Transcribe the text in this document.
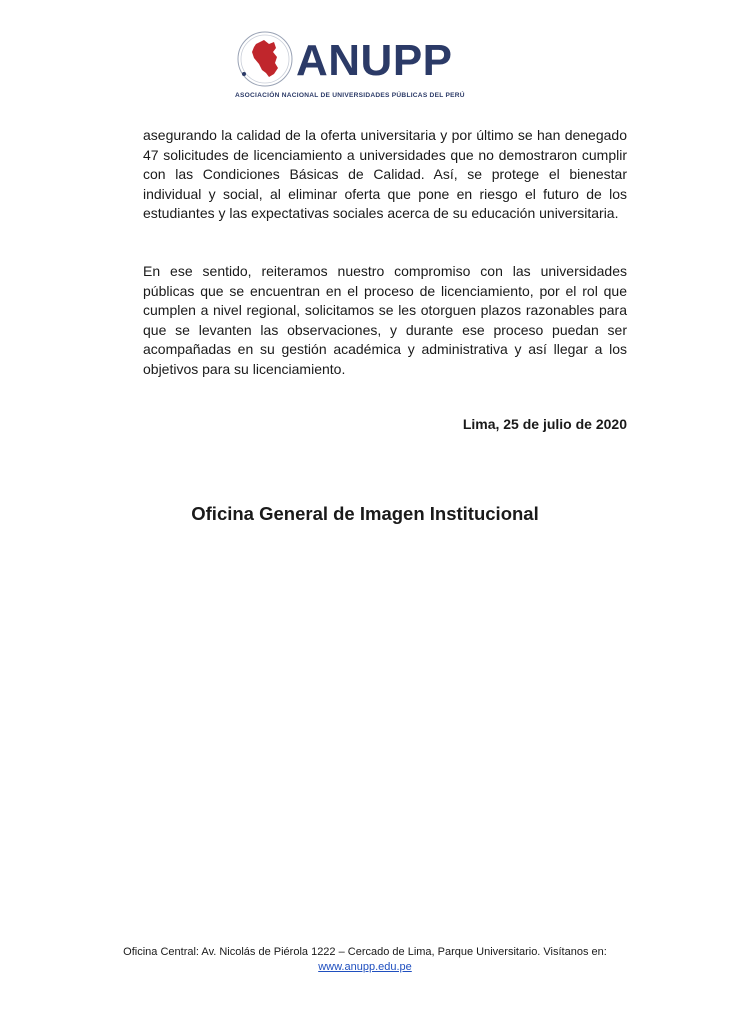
ANUPP
ASOCIACIÓN NACIONAL DE UNIVERSIDADES PÚBLICAS DEL PERÚ

asegurando la calidad de la oferta universitaria y por último se han denegado 47 solicitudes de licenciamiento a universidades que no demostraron cumplir con las Condiciones Básicas de Calidad. Así, se protege el bienestar individual y social, al eliminar oferta que pone en riesgo el futuro de los estudiantes y las expectativas sociales acerca de su educación universitaria.

En ese sentido, reiteramos nuestro compromiso con las universidades públicas que se encuentran en el proceso de licenciamiento, por el rol que cumplen a nivel regional, solicitamos se les otorguen plazos razonables para que se levanten las observaciones, y durante ese proceso puedan ser acompañadas en su gestión académica y administrativa y así llegar a los objetivos para su licenciamiento.

Lima, 25 de julio de 2020
Oficina General de Imagen Institucional
Oficina Central: Av. Nicolás de Piérola 1222 – Cercado de Lima, Parque Universitario. Visítanos en:
www.anupp.edu.pe
